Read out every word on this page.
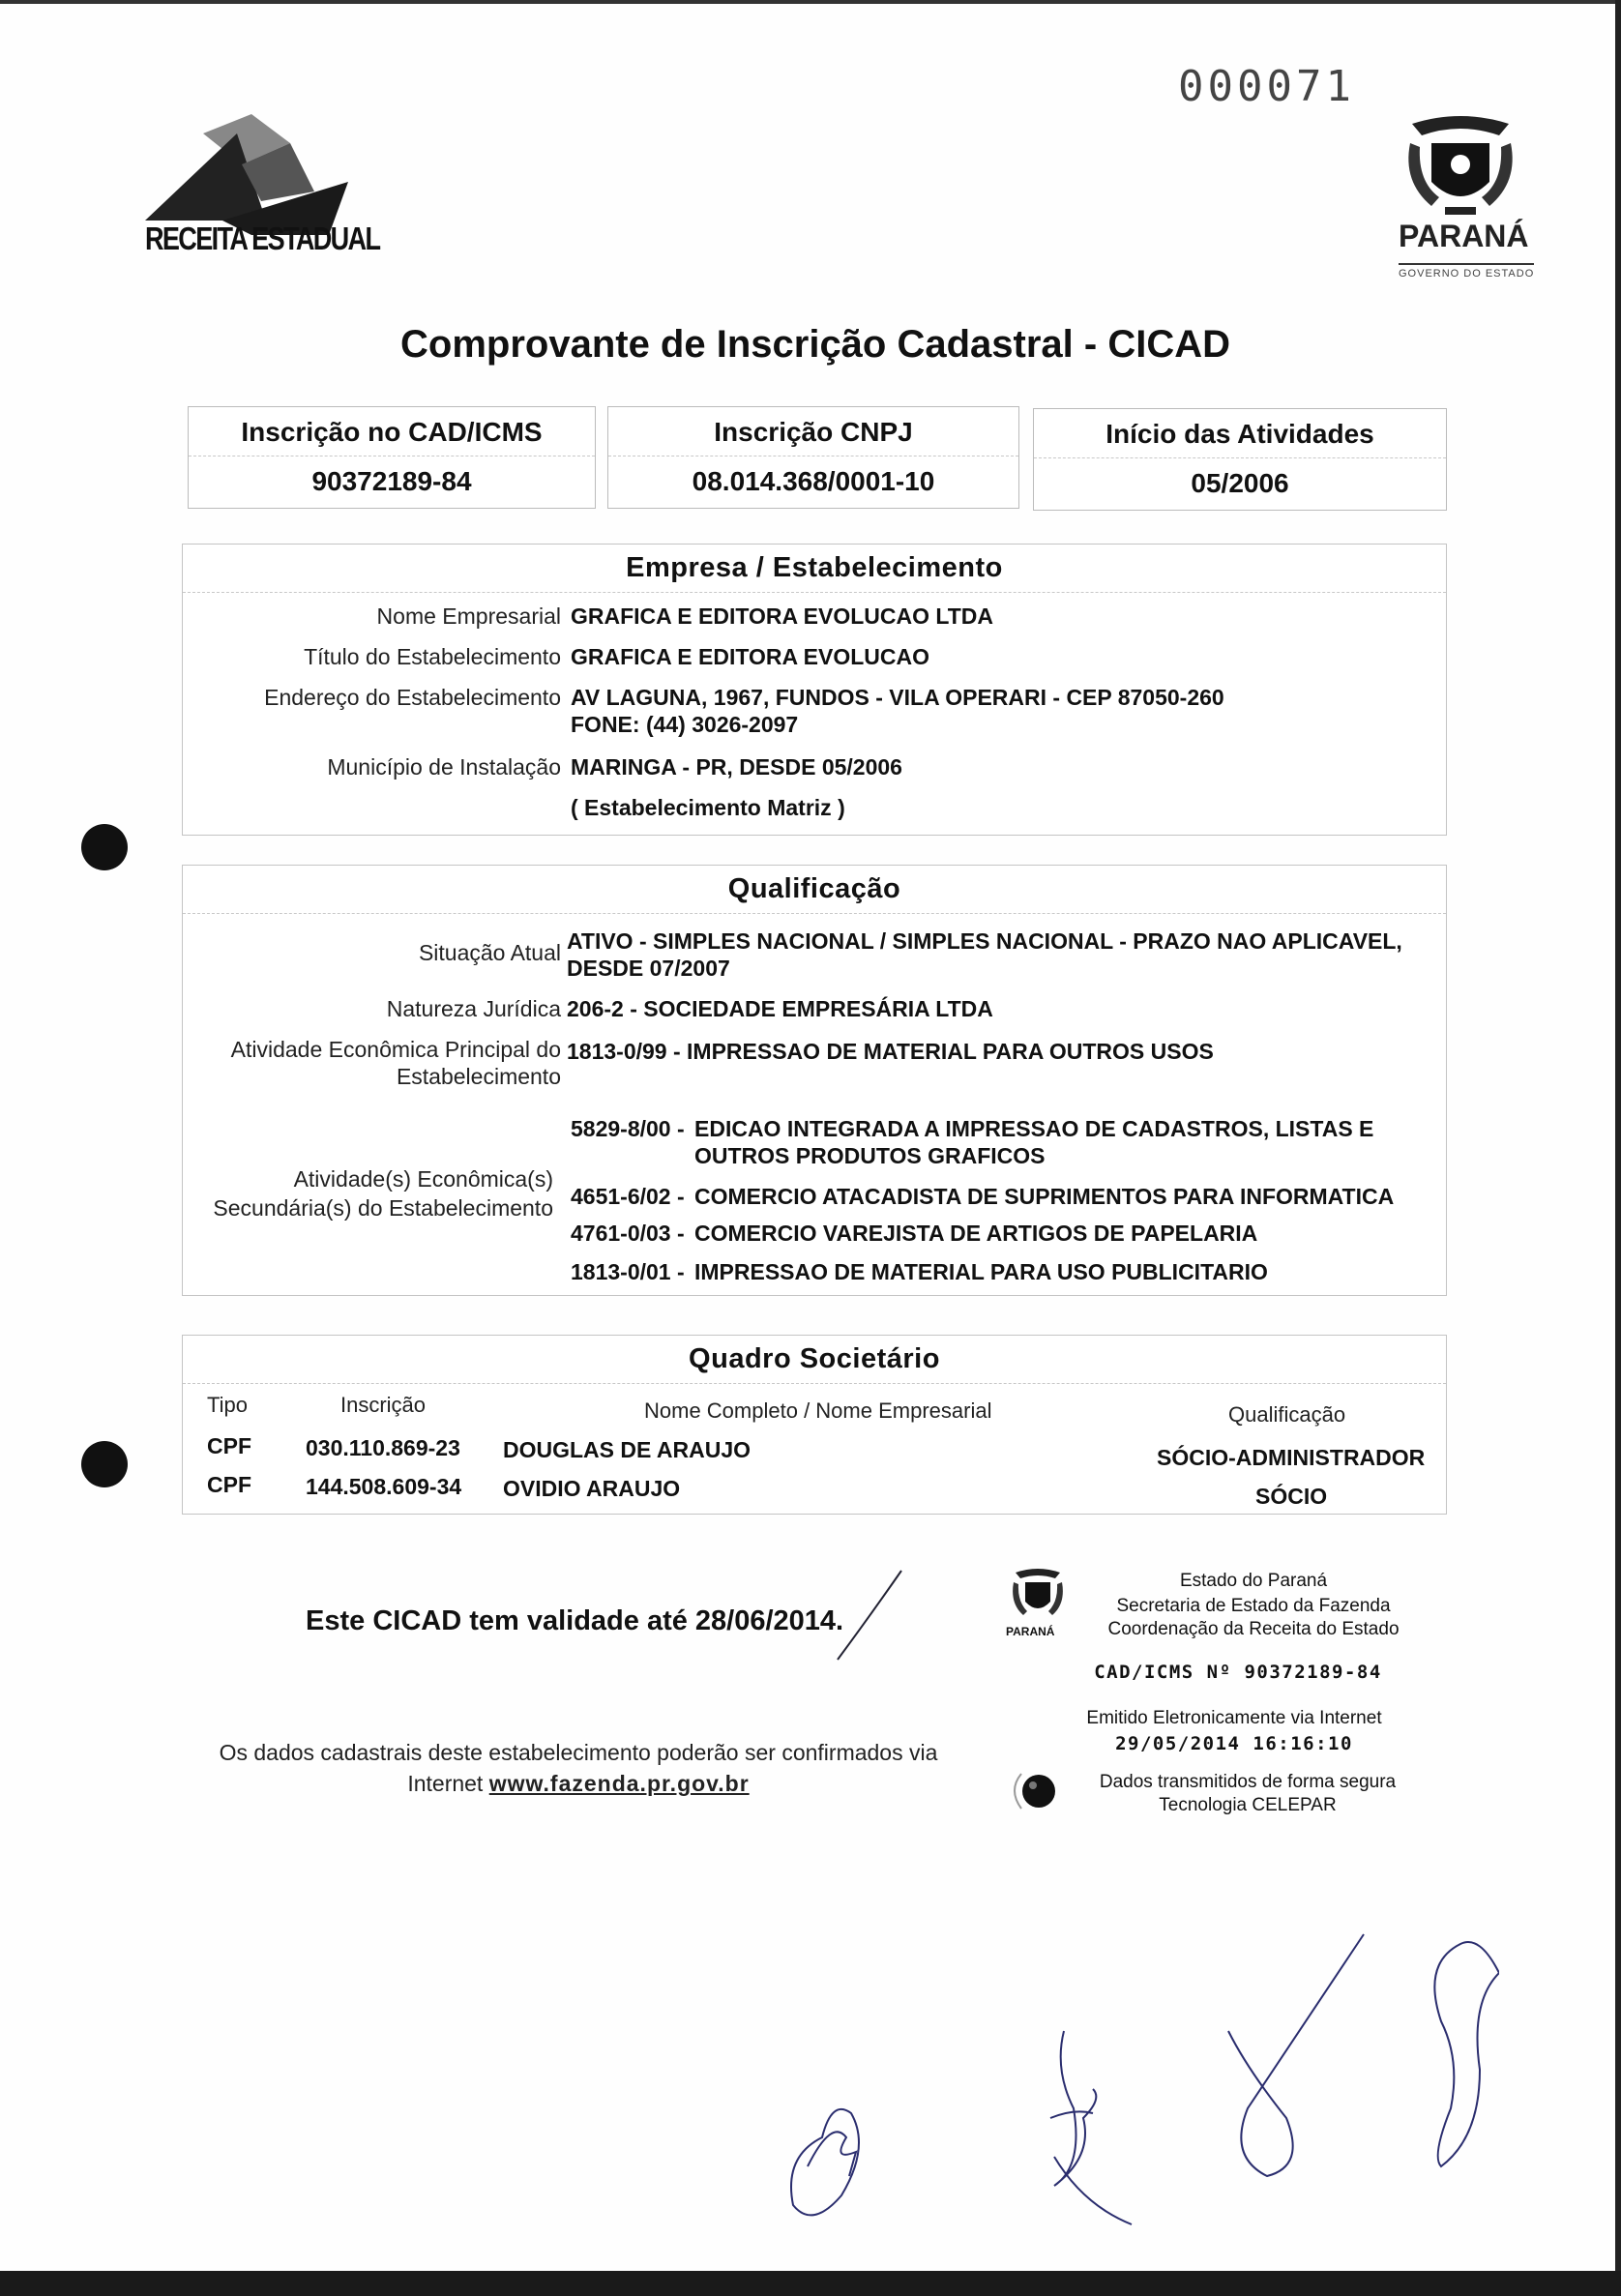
000071
RECEITA ESTADUAL	PARANÁ
GOVERNO DO ESTADO
Comprovante de Inscrição Cadastral - CICAD
Inscrição no CAD/ICMS
90372189-84
Inscrição CNPJ
08.014.368/0001-10
Início das Atividades
05/2006
Empresa / Estabelecimento
Nome Empresarial GRAFICA E EDITORA EVOLUCAO LTDA
Título do Estabelecimento GRAFICA E EDITORA EVOLUCAO
Endereço do Estabelecimento AV LAGUNA, 1967, FUNDOS - VILA OPERARI - CEP 87050-260
FONE: (44) 3026-2097
Município de Instalação MARINGA - PR, DESDE 05/2006
( Estabelecimento Matriz )
Qualificação
Situação Atual ATIVO - SIMPLES NACIONAL / SIMPLES NACIONAL - PRAZO NAO APLICAVEL,
DESDE 07/2007
Natureza Jurídica 206-2 - SOCIEDADE EMPRESÁRIA LTDA
Atividade Econômica Principal do
Estabelecimento
1813-0/99 - IMPRESSAO DE MATERIAL PARA OUTROS USOS
Atividade(s) Econômica(s)
Secundária(s) do Estabelecimento
5829-8/00 - EDICAO INTEGRADA A IMPRESSAO DE CADASTROS, LISTAS E
OUTROS PRODUTOS GRAFICOS
4651-6/02 - COMERCIO ATACADISTA DE SUPRIMENTOS PARA INFORMATICA
4761-0/03 - COMERCIO VAREJISTA DE ARTIGOS DE PAPELARIA
1813-0/01 - IMPRESSAO DE MATERIAL PARA USO PUBLICITARIO
Quadro Societário
Tipo	Inscrição	Nome Completo / Nome Empresarial	Qualificação
CPF 030.110.869-23 DOUGLAS DE ARAUJO	SÓCIO-ADMINISTRADOR
CPF 144.508.609-34 OVIDIO ARAUJO	SÓCIO
Este CICAD tem validade até 28/06/2014.	PARANÁ
Estado do Paraná
Secretaria de Estado da Fazenda
Coordenação da Receita do Estado
CAD/ICMS Nº 90372189-84
Emitido Eletronicamente via Internet
29/05/2014 16:16:10
Dados transmitidos de forma segura
Tecnologia CELEPAR
Os dados cadastrais deste estabelecimento poderão ser confirmados via
Internet www.fazenda.pr.gov.br
